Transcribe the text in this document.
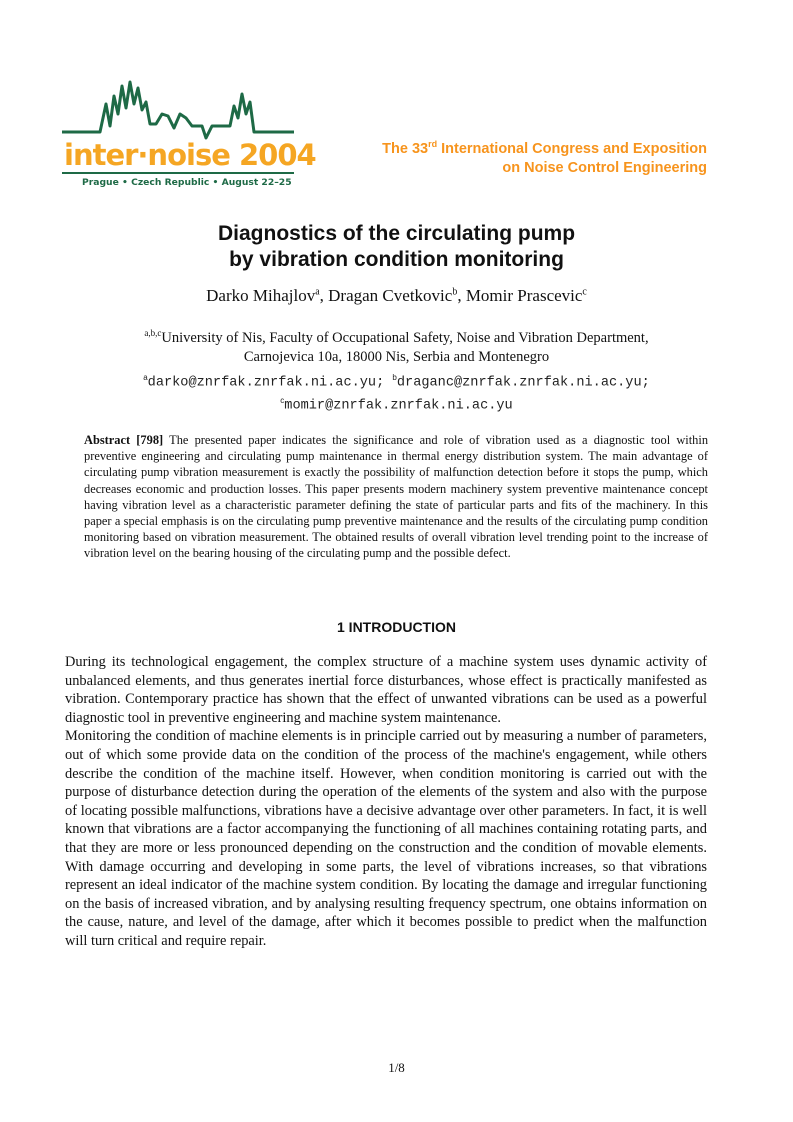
inter·noise 2004
Prague • Czech Republic • August 22–25
The 33rd International Congress and Exposition
on Noise Control Engineering
Diagnostics of the circulating pump
by vibration condition monitoring
Darko Mihajlov$^a$, Dragan Cvetkovic$^b$, Momir Prascevic$^c$
$^{a,b,c}$University of Nis, Faculty of Occupational Safety, Noise and Vibration Department,
Carnojevica 10a, 18000 Nis, Serbia and Montenegro
$^a$darko@znrfak.znrfak.ni.ac.yu; $^b$draganc@znrfak.znrfak.ni.ac.yu;
$^c$momir@znrfak.znrfak.ni.ac.yu
Abstract [798] The presented paper indicates the significance and role of vibration used as a diagnostic tool within preventive engineering and circulating pump maintenance in thermal energy distribution system. The main advantage of circulating pump vibration measurement is exactly the possibility of malfunction detection before it stops the pump, which decreases economic and production losses. This paper presents modern machinery system preventive maintenance concept having vibration level as a characteristic parameter defining the state of particular parts and fits of the machinery. In this paper a special emphasis is on the circulating pump preventive maintenance and the results of the circulating pump condition monitoring based on vibration measurement. The obtained results of overall vibration level trending point to the increase of vibration level on the bearing housing of the circulating pump and the possible defect.
1 INTRODUCTION

During its technological engagement, the complex structure of a machine system uses dynamic activity of unbalanced elements, and thus generates inertial force disturbances, whose effect is practically manifested as vibration. Contemporary practice has shown that the effect of unwanted vibrations can be used as a powerful diagnostic tool in preventive engineering and machine system maintenance.

Monitoring the condition of machine elements is in principle carried out by measuring a number of parameters, out of which some provide data on the condition of the process of the machine's engagement, while others describe the condition of the machine itself. However, when condition monitoring is carried out with the purpose of disturbance detection during the operation of the elements of the system and also with the purpose of locating possible malfunctions, vibrations have a decisive advantage over other parameters. In fact, it is well known that vibrations are a factor accompanying the functioning of all machines containing rotating parts, and that they are more or less pronounced depending on the construction and the condition of movable elements. With damage occurring and developing in some parts, the level of vibrations increases, so that vibrations represent an ideal indicator of the machine system condition. By locating the damage and irregular functioning on the basis of increased vibration, and by analysing resulting frequency spectrum, one obtains information on the cause, nature, and level of the damage, after which it becomes possible to predict when the malfunction will turn critical and require repair.

1/8
